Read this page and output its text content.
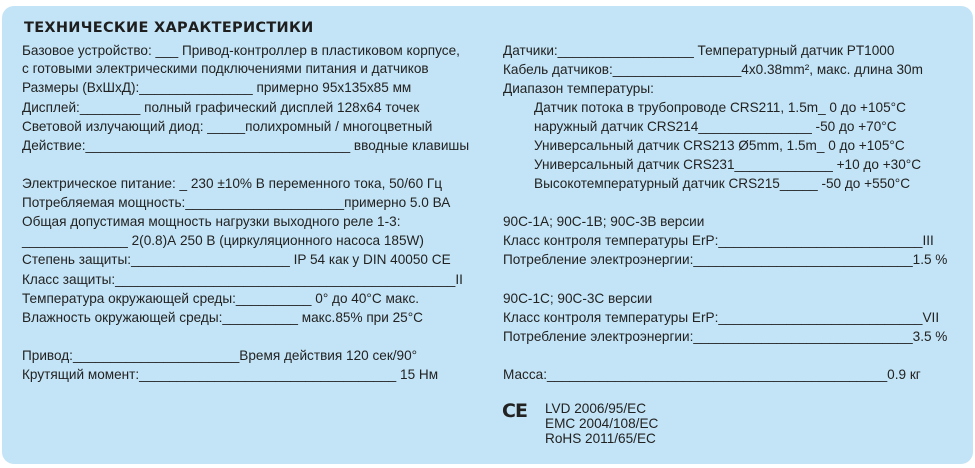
ТЕХНИЧЕСКИЕ ХАРАКТЕРИСТИКИ
Базовое устройство: ___ Привод-контроллер в пластиковом корпусе,
с готовыми электрическими подключениями питания и датчиков
Размеры (ВхШхД):_______________ примерно 95x135x85 мм
Дисплей:________ полный графический дисплей 128x64 точек
Световой излучающий диод: _____полихромный / многоцветный
Действие:___________________________________ вводные клавишы
Электрическое питание: _ 230 ±10% В переменного тока, 50/60 Гц
Потребляемая мощность:_____________________примерно 5.0 ВА
Общая допустимая мощность нагрузки выходного реле 1-3:
______________ 2(0.8)А 250 В (циркуляционного насоса 185W)
Степень защиты:_____________________ IP 54 как у DIN 40050 CE
Класс защиты:_____________________________________________II
Температура окружающей среды:__________ 0° до 40°С макс.
Влажность окружающей среды:__________ макс.85% при 25°С
Привод:______________________Время действия 120 сек/90°
Крутящий момент:__________________________________ 15 Нм
Датчики:__________________ Температурный датчик PT1000
Кабель датчиков:_________________4x0.38mm², макс. длина 30m
Диапазон температуры:
Датчик потока в трубопроводе CRS211, 1.5m_ 0 до +105°С
наружный датчик CRS214_______________ -50 до +70°С
Универсальный датчик CRS213 Ø5mm, 1.5m_ 0 до +105°С
Универсальный датчик CRS231_____________ +10 до +30°С
Высокотемпературный датчик CRS215_____ -50 до +550°С
90С-1А; 90С-1В; 90С-3В версии
Класс контроля температуры ErP:___________________________III
Потребление электроэнергии:_____________________________1.5 %
90С-1С; 90С-3С версии
Класс контроля температуры ErP:___________________________VII
Потребление электроэнергии:_____________________________3.5 %
Масса:_____________________________________________0.9 кг
CE LVD 2006/95/EC
EMC 2004/108/EC
RoHS 2011/65/EC
